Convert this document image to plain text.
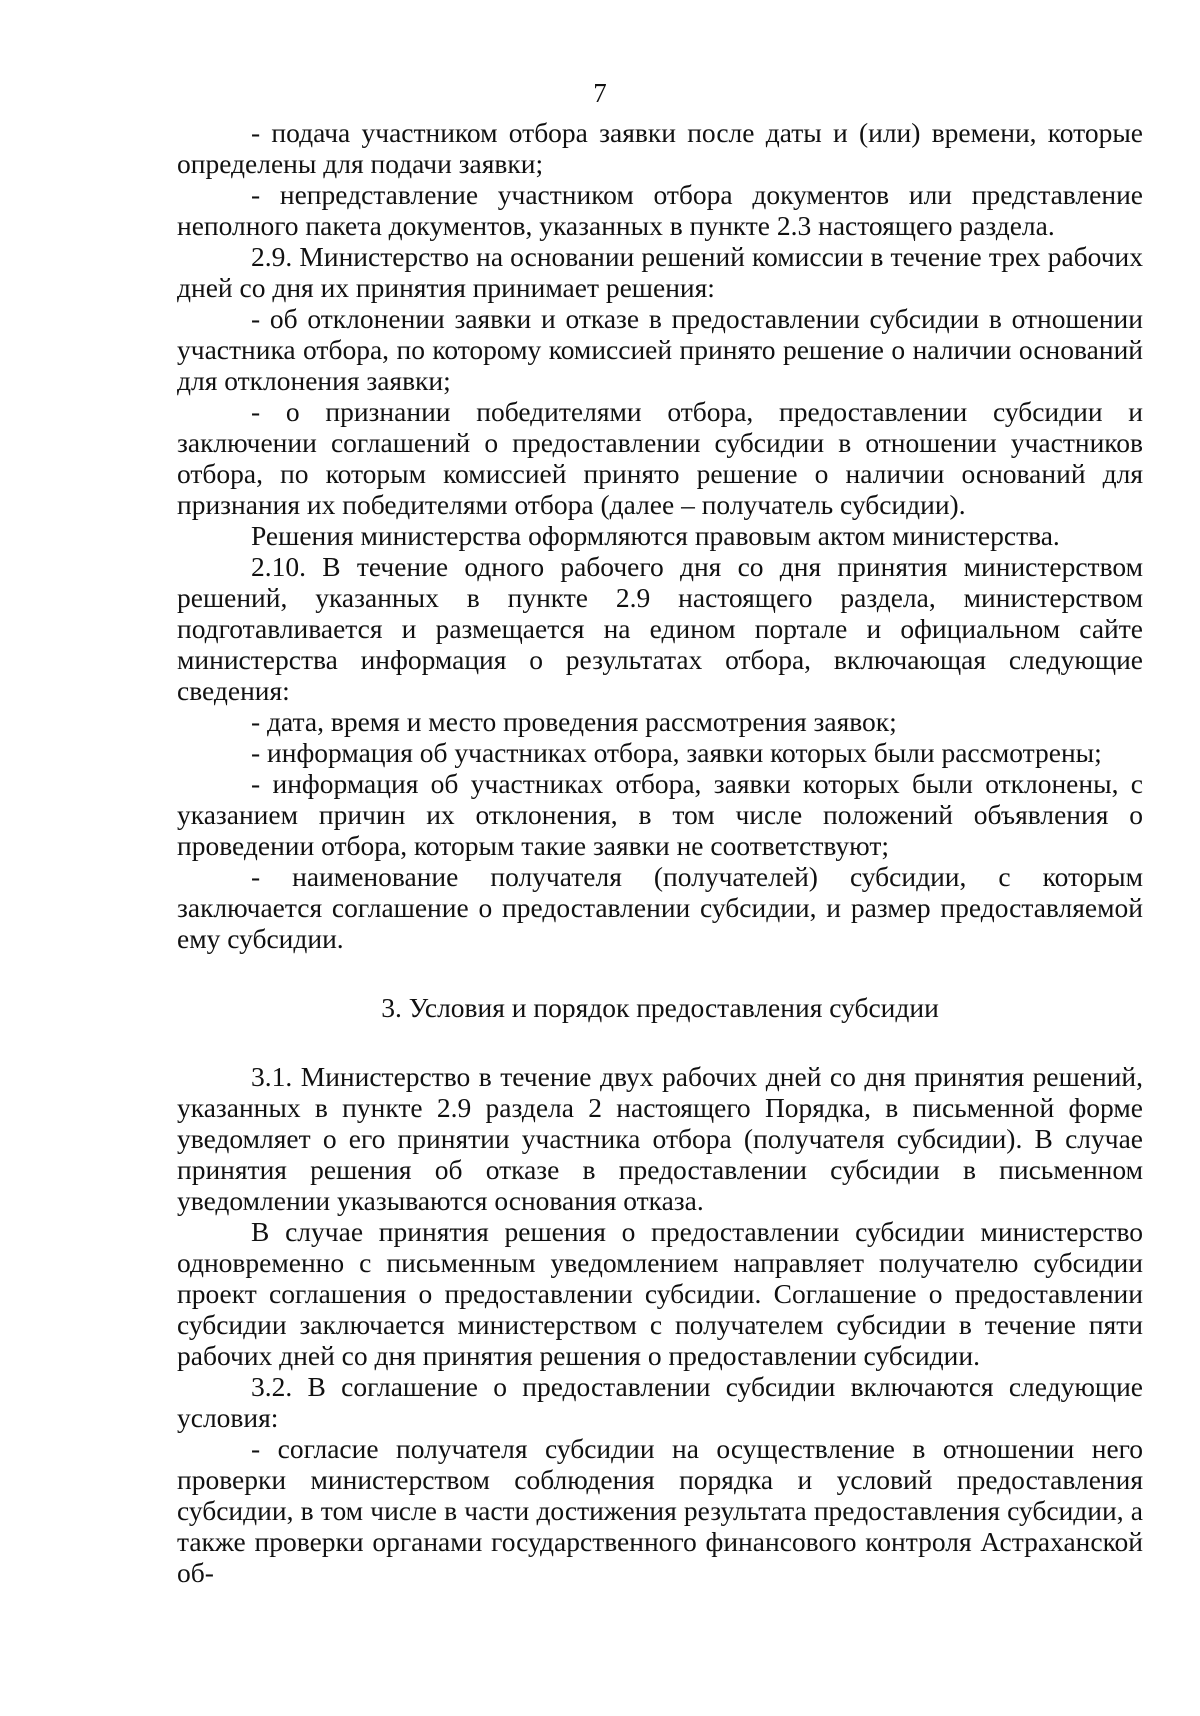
7

- подача участником отбора заявки после даты и (или) времени, которые определены для подачи заявки;

- непредставление участником отбора документов или представление неполного пакета документов, указанных в пункте 2.3 настоящего раздела.

2.9. Министерство на основании решений комиссии в течение трех рабочих дней со дня их принятия принимает решения:

- об отклонении заявки и отказе в предоставлении субсидии в отношении участника отбора, по которому комиссией принято решение о наличии оснований для отклонения заявки;

- о признании победителями отбора, предоставлении субсидии и заключении соглашений о предоставлении субсидии в отношении участников отбора, по которым комиссией принято решение о наличии оснований для признания их победителями отбора (далее – получатель субсидии).

Решения министерства оформляются правовым актом министерства.

2.10. В течение одного рабочего дня со дня принятия министерством решений, указанных в пункте 2.9 настоящего раздела, министерством подготавливается и размещается на едином портале и официальном сайте министерства информация о результатах отбора, включающая следующие сведения:

- дата, время и место проведения рассмотрения заявок;

- информация об участниках отбора, заявки которых были рассмотрены;

- информация об участниках отбора, заявки которых были отклонены, с указанием причин их отклонения, в том числе положений объявления о проведении отбора, которым такие заявки не соответствуют;

- наименование получателя (получателей) субсидии, с которым заключается соглашение о предоставлении субсидии, и размер предоставляемой ему субсидии.

3. Условия и порядок предоставления субсидии

3.1. Министерство в течение двух рабочих дней со дня принятия решений, указанных в пункте 2.9 раздела 2 настоящего Порядка, в письменной форме уведомляет о его принятии участника отбора (получателя субсидии). В случае принятия решения об отказе в предоставлении субсидии в письменном уведомлении указываются основания отказа.

В случае принятия решения о предоставлении субсидии министерство одновременно с письменным уведомлением направляет получателю субсидии проект соглашения о предоставлении субсидии. Соглашение о предоставлении субсидии заключается министерством с получателем субсидии в течение пяти рабочих дней со дня принятия решения о предоставлении субсидии.

3.2. В соглашение о предоставлении субсидии включаются следующие условия:

- согласие получателя субсидии на осуществление в отношении него проверки министерством соблюдения порядка и условий предоставления субсидии, в том числе в части достижения результата предоставления субсидии, а также проверки органами государственного финансового контроля Астраханской об-
